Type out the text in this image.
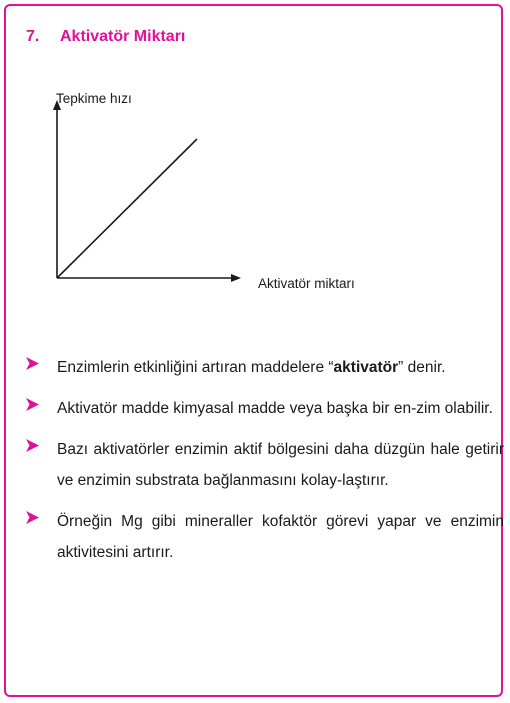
7. Aktivatör Miktarı
Tepkime hızı
Aktivatör miktarı
Enzimlerin etkinliğini artıran maddelere “aktivatör” denir.
Aktivatör madde kimyasal madde veya başka bir en-zim olabilir.
Bazı aktivatörler enzimin aktif bölgesini daha düzgün hale getirir ve enzimin substrata bağlanmasını kolay-laştırır.
Örneğin Mg gibi mineraller kofaktör görevi yapar ve enzimin aktivitesini artırır.
